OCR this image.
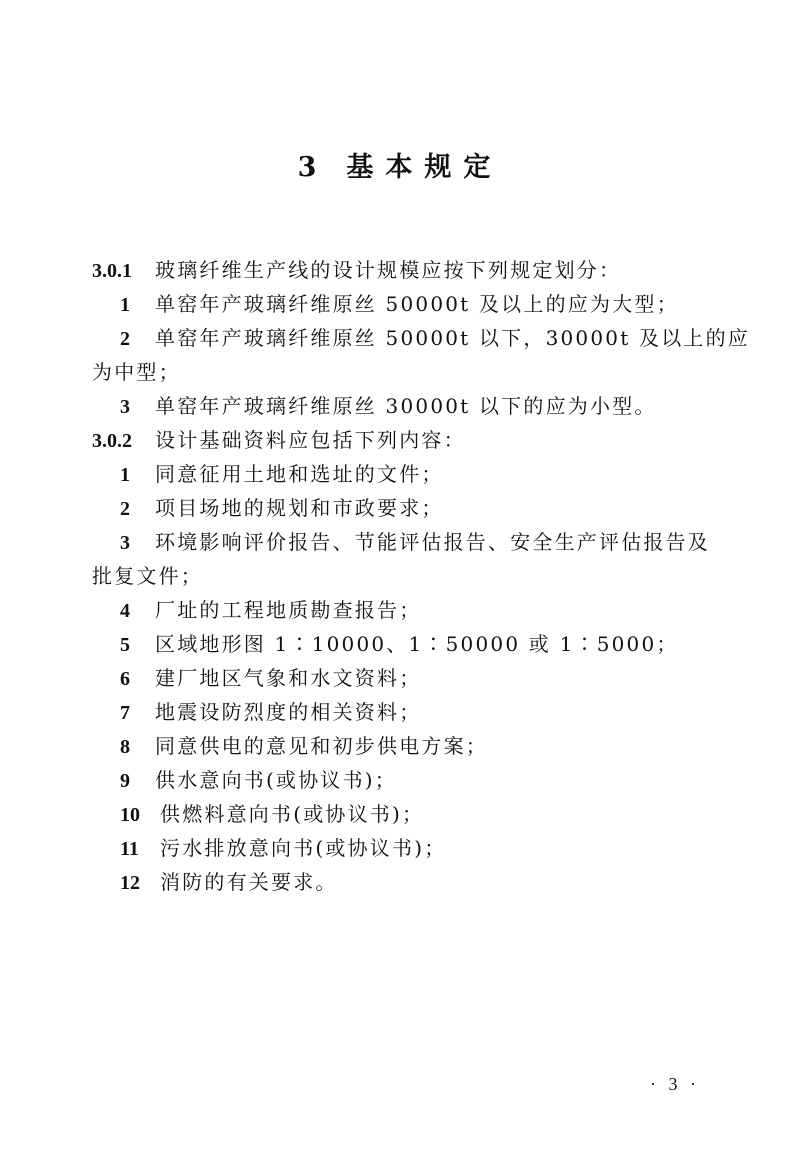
3 基本规定
3.0.1 玻璃纤维生产线的设计规模应按下列规定划分：
1 单窑年产玻璃纤维原丝 50000t 及以上的应为大型；
2 单窑年产玻璃纤维原丝 50000t 以下，30000t 及以上的应
为中型；
3 单窑年产玻璃纤维原丝 30000t 以下的应为小型。
3.0.2 设计基础资料应包括下列内容：
1 同意征用土地和选址的文件；
2 项目场地的规划和市政要求；
3 环境影响评价报告、节能评估报告、安全生产评估报告及
批复文件；
4 厂址的工程地质勘查报告；
5 区域地形图 1∶10000、1∶50000 或 1∶5000；
6 建厂地区气象和水文资料；
7 地震设防烈度的相关资料；
8 同意供电的意见和初步供电方案；
9 供水意向书(或协议书)；
10 供燃料意向书(或协议书)；
11 污水排放意向书(或协议书)；
12 消防的有关要求。
· 3 ·
